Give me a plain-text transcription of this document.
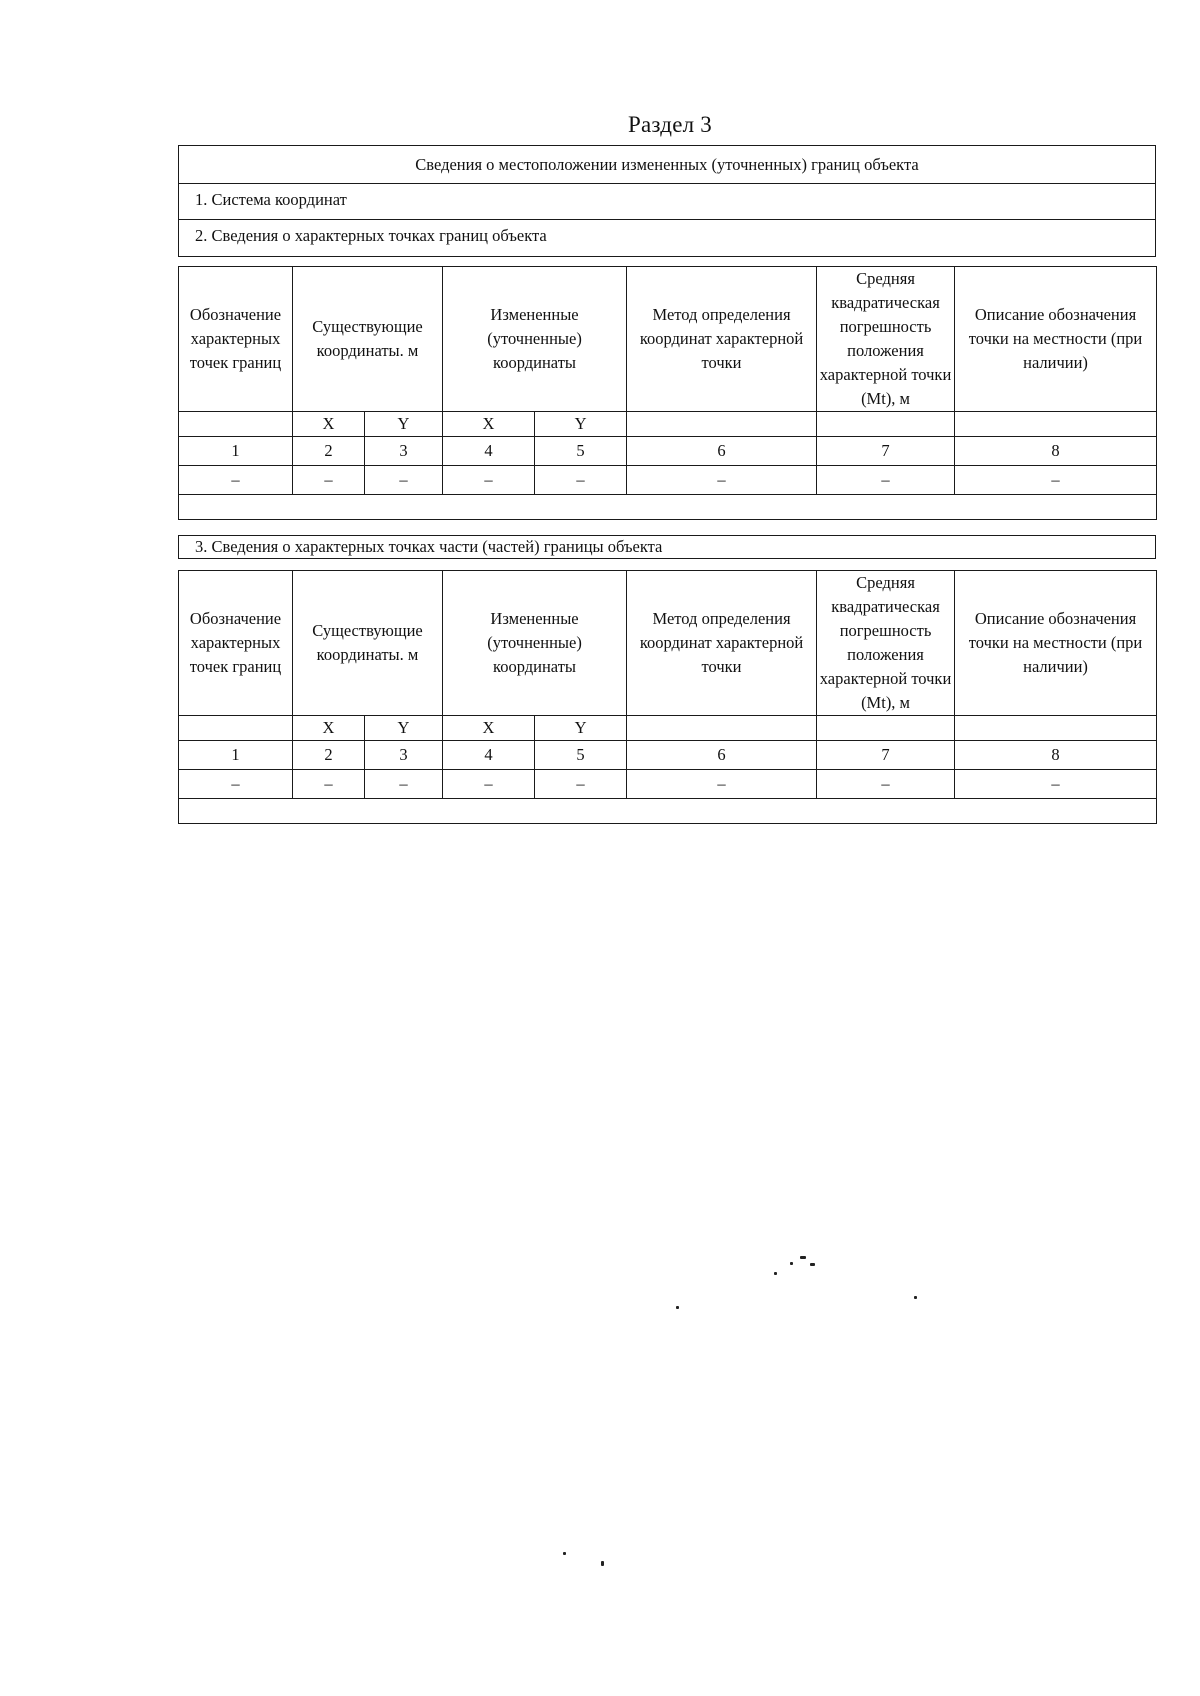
Раздел 3
Сведения о местоположении измененных (уточненных) границ объекта
1. Система координат
2. Сведения о характерных точках границ объекта
Обозначение характерных точек границ	Существующие координаты. м		Измененные (уточненные) координаты		Метод определения координат характерной точки	Средняя квадратическая погрешность положения характерной точки (Mt), м	Описание обозначения точки на местности (при наличии)
	X	Y	X	Y			
1	2	3	4	5	6	7	8
–	–	–	–	–	–	–	–

3. Сведения о характерных точках части (частей) границы объекта
Обозначение характерных точек границ	Существующие координаты. м		Измененные (уточненные) координаты		Метод определения координат характерной точки	Средняя квадратическая погрешность положения характерной точки (Mt), м	Описание обозначения точки на местности (при наличии)
	X	Y	X	Y			
1	2	3	4	5	6	7	8
–	–	–	–	–	–	–	–
